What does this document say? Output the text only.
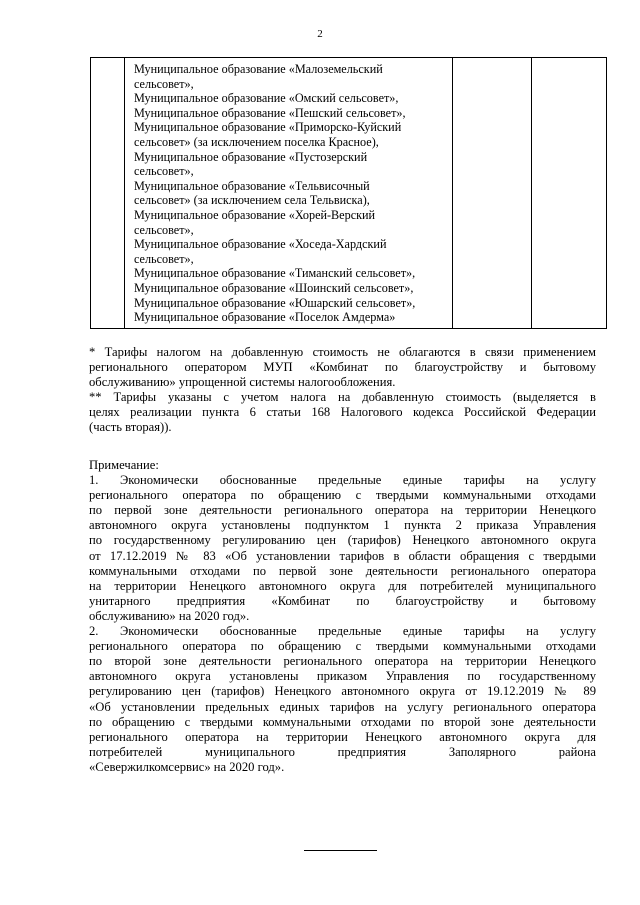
2

Муниципальное образование «Малоземельский
сельсовет»,
Муниципальное образование «Омский сельсовет»,
Муниципальное образование «Пешский сельсовет»,
Муниципальное образование «Приморско-Куйский
сельсовет» (за исключением поселка Красное),
Муниципальное образование «Пустозерский
сельсовет»,
Муниципальное образование «Тельвисочный
сельсовет» (за исключением села Тельвиска),
Муниципальное образование «Хорей-Верский
сельсовет»,
Муниципальное образование «Хоседа-Хардский
сельсовет»,
Муниципальное образование «Тиманский сельсовет»,
Муниципальное образование «Шоинский сельсовет»,
Муниципальное образование «Юшарский сельсовет»,
Муниципальное образование «Поселок Амдерма»

* Тарифы налогом на добавленную стоимость не облагаются в связи применением
регионального оператором МУП «Комбинат по благоустройству и бытовому
обслуживанию» упрощенной системы налогообложения.
** Тарифы указаны с учетом налога на добавленную стоимость (выделяется в
целях реализации пункта 6 статьи 168 Налогового кодекса Российской Федерации
(часть вторая)).
Примечание:
1. Экономически обоснованные предельные единые тарифы на услугу
регионального оператора по обращению с твердыми коммунальными отходами
по первой зоне деятельности регионального оператора на территории Ненецкого
автономного округа установлены подпунктом 1 пункта 2 приказа Управления
по государственному регулированию цен (тарифов) Ненецкого автономного округа
от 17.12.2019 № 83 «Об установлении тарифов в области обращения с твердыми
коммунальными отходами по первой зоне деятельности регионального оператора
на территории Ненецкого автономного округа для потребителей муниципального
унитарного предприятия «Комбинат по благоустройству и бытовому
обслуживанию» на 2020 год».
2. Экономически обоснованные предельные единые тарифы на услугу
регионального оператора по обращению с твердыми коммунальными отходами
по второй зоне деятельности регионального оператора на территории Ненецкого
автономного округа установлены приказом Управления по государственному
регулированию цен (тарифов) Ненецкого автономного округа от 19.12.2019 № 89
«Об установлении предельных единых тарифов на услугу регионального оператора
по обращению с твердыми коммунальными отходами по второй зоне деятельности
регионального оператора на территории Ненецкого автономного округа для
потребителей муниципального предприятия Заполярного района
«Севержилкомсервис» на 2020 год».
